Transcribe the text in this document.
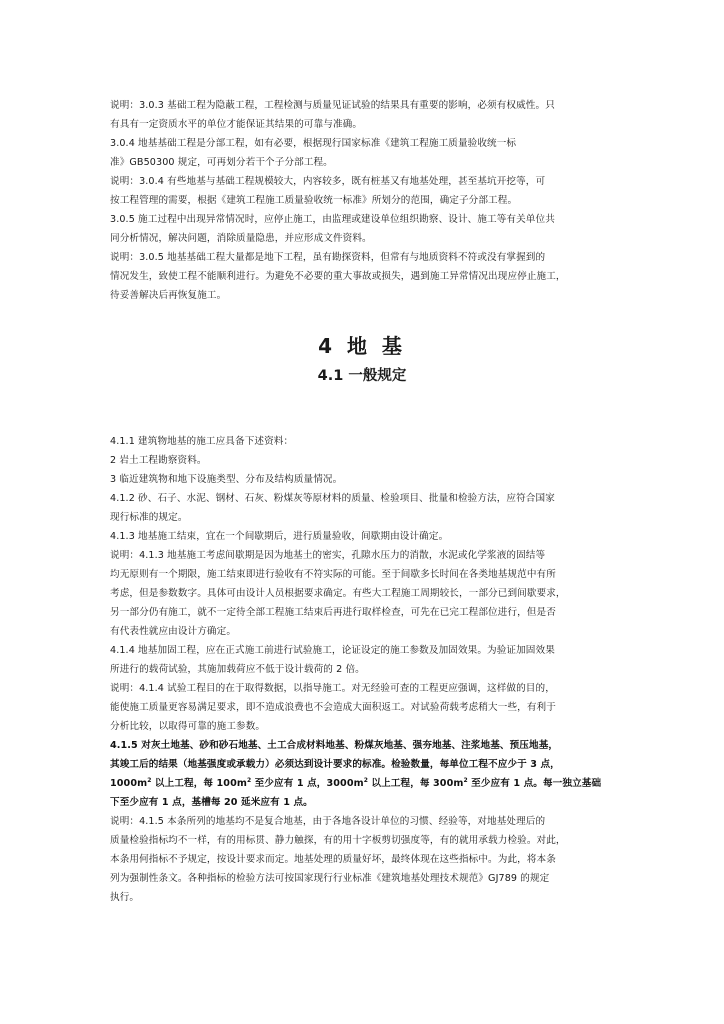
说明：3.0.3 基础工程为隐蔽工程，工程检测与质量见证试验的结果具有重要的影响，必须有权威性。只
有具有一定资质水平的单位才能保证其结果的可靠与准确。
3.0.4 地基基础工程是分部工程，如有必要，根据现行国家标准《建筑工程施工质量验收统一标
准》GB50300 规定，可再划分若干个子分部工程。
说明：3.0.4 有些地基与基础工程规模较大，内容较多，既有桩基又有地基处理，甚至基坑开挖等，可
按工程管理的需要，根据《建筑工程施工质量验收统一标准》所划分的范围，确定子分部工程。
3.0.5 施工过程中出现异常情况时，应停止施工，由监理或建设单位组织勘察、设计、施工等有关单位共
同分析情况，解决问题，消除质量隐患，并应形成文件资料。
说明：3.0.5 地基基础工程大量都是地下工程，虽有勘探资料，但常有与地质资料不符或没有掌握到的
情况发生，致使工程不能顺利进行。为避免不必要的重大事故或损失，遇到施工异常情况出现应停止施工，
待妥善解决后再恢复施工。

4 地 基
4.1 一般规定

4.1.1 建筑物地基的施工应具备下述资料：
2 岩土工程勘察资料。
3 临近建筑物和地下设施类型、分布及结构质量情况。
4.1.2 砂、石子、水泥、钢材、石灰、粉煤灰等原材料的质量、检验项目、批量和检验方法，应符合国家
现行标准的规定。
4.1.3 地基施工结束，宜在一个间歇期后，进行质量验收，间歇期由设计确定。
说明：4.1.3 地基施工考虑间歇期是因为地基土的密实，孔隙水压力的消散，水泥或化学浆液的固结等
均无原则有一个期限，施工结束即进行验收有不符实际的可能。至于间歇多长时间在各类地基规范中有所
考虑，但是参数数字。具体可由设计人员根据要求确定。有些大工程施工周期较长，一部分已到间歇要求，
另一部分仍有施工，就不一定待全部工程施工结束后再进行取样检查，可先在已完工程部位进行，但是否
有代表性就应由设计方确定。
4.1.4 地基加固工程，应在正式施工前进行试验施工，论证设定的施工参数及加固效果。为验证加固效果
所进行的载荷试验，其施加载荷应不低于设计载荷的 2 倍。
说明：4.1.4 试验工程目的在于取得数据，以指导施工。对无经验可查的工程更应强调，这样做的目的，
能使施工质量更容易满足要求，即不造成浪费也不会造成大面积返工。对试验荷载考虑稍大一些，有利于
分析比较，以取得可靠的施工参数。

4.1.5 对灰土地基、砂和砂石地基、土工合成材料地基、粉煤灰地基、强夯地基、注浆地基、预压地基，
其竣工后的结果（地基强度或承载力）必须达到设计要求的标准。检验数量，每单位工程不应少于 3 点，
$1000m^2$ 以上工程，每 $100m^2$ 至少应有 1 点，$3000m^2$ 以上工程，每 $300m^2$ 至少应有 1 点。每一独立基础
下至少应有 1 点，基槽每 20 延米应有 1 点。

说明：4.1.5 本条所列的地基均不是复合地基，由于各地各设计单位的习惯、经验等，对地基处理后的
质量检验指标均不一样，有的用标贯、静力触探，有的用十字板剪切强度等，有的就用承载力检验。对此，
本条用何指标不予规定，按设计要求而定。地基处理的质量好坏，最终体现在这些指标中。为此，将本条
列为强制性条文。各种指标的检验方法可按国家现行行业标准《建筑地基处理技术规范》GJ789 的规定
执行。
